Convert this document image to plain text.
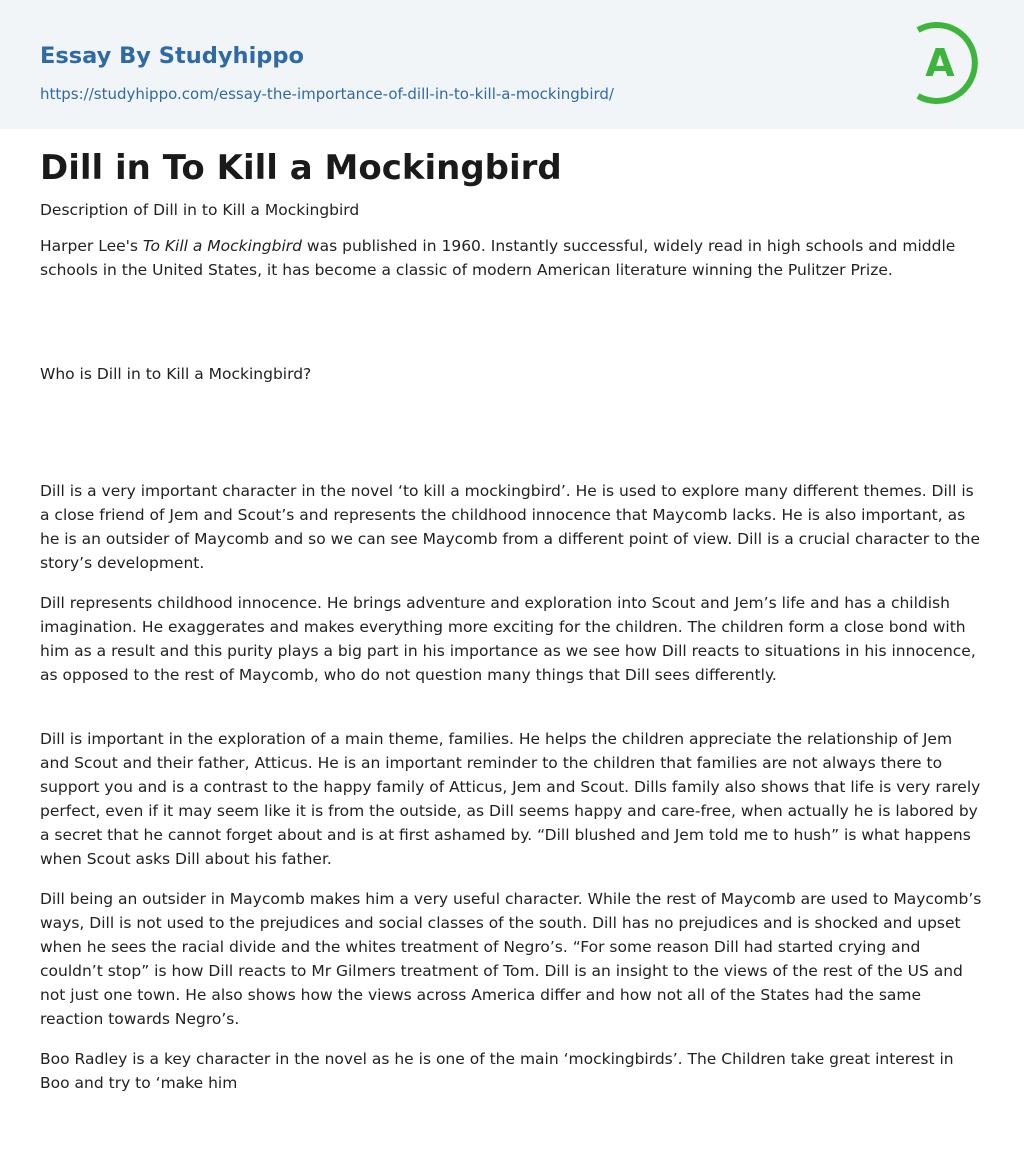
Essay By Studyhippo
https://studyhippo.com/essay-the-importance-of-dill-in-to-kill-a-mockingbird/
A
Dill in To Kill a Mockingbird

Description of Dill in to Kill a Mockingbird

Harper Lee's To Kill a Mockingbird was published in 1960. Instantly successful, widely read in high schools and middle schools in the United States, it has become a classic of modern American literature winning the Pulitzer Prize.

Who is Dill in to Kill a Mockingbird?

Dill is a very important character in the novel ‘to kill a mockingbird’. He is used to explore many different themes. Dill is a close friend of Jem and Scout’s and represents the childhood innocence that Maycomb lacks. He is also important, as he is an outsider of Maycomb and so we can see Maycomb from a different point of view. Dill is a crucial character to the story’s development.

Dill represents childhood innocence. He brings adventure and exploration into Scout and Jem’s life and has a childish imagination. He exaggerates and makes everything more exciting for the children. The children form a close bond with him as a result and this purity plays a big part in his importance as we see how Dill reacts to situations in his innocence, as opposed to the rest of Maycomb, who do not question many things that Dill sees differently.

Dill is important in the exploration of a main theme, families. He helps the children appreciate the relationship of Jem and Scout and their father, Atticus. He is an important reminder to the children that families are not always there to support you and is a contrast to the happy family of Atticus, Jem and Scout. Dills family also shows that life is very rarely perfect, even if it may seem like it is from the outside, as Dill seems happy and care-free, when actually he is labored by a secret that he cannot forget about and is at first ashamed by. “Dill blushed and Jem told me to hush” is what happens when Scout asks Dill about his father.

Dill being an outsider in Maycomb makes him a very useful character. While the rest of Maycomb are used to Maycomb’s ways, Dill is not used to the prejudices and social classes of the south. Dill has no prejudices and is shocked and upset when he sees the racial divide and the whites treatment of Negro’s. “For some reason Dill had started crying and couldn’t stop” is how Dill reacts to Mr Gilmers treatment of Tom. Dill is an insight to the views of the rest of the US and not just one town. He also shows how the views across America differ and how not all of the States had the same reaction towards Negro’s.

Boo Radley is a key character in the novel as he is one of the main ‘mockingbirds’. The Children take great interest in Boo and try to ‘make him
